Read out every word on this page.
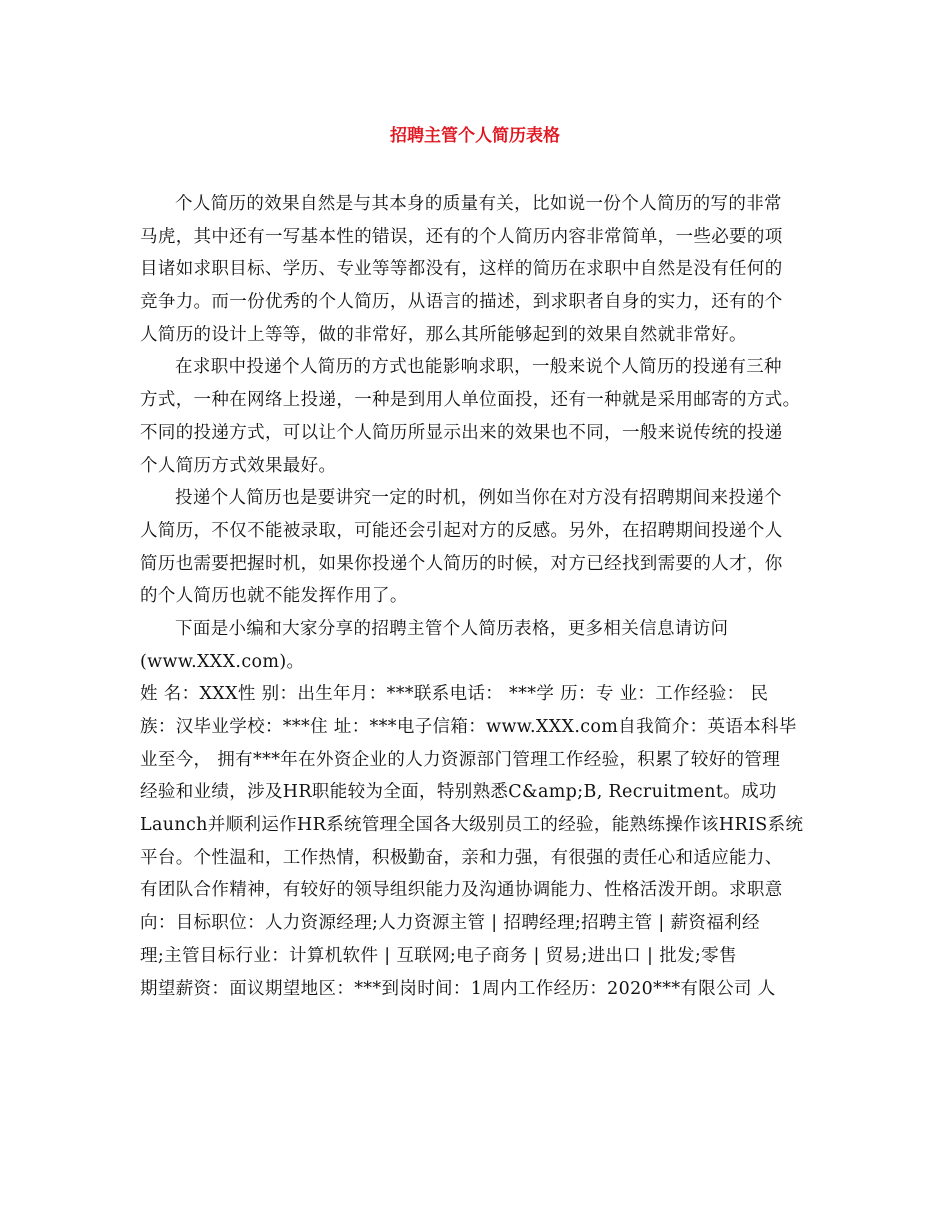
招聘主管个人简历表格
个人简历的效果自然是与其本身的质量有关，比如说一份个人简历的写的非常
马虎，其中还有一写基本性的错误，还有的个人简历内容非常简单，一些必要的项
目诸如求职目标、学历、专业等等都没有，这样的简历在求职中自然是没有任何的
竞争力。而一份优秀的个人简历，从语言的描述，到求职者自身的实力，还有的个
人简历的设计上等等，做的非常好，那么其所能够起到的效果自然就非常好。
在求职中投递个人简历的方式也能影响求职，一般来说个人简历的投递有三种
方式，一种在网络上投递，一种是到用人单位面投，还有一种就是采用邮寄的方式。
不同的投递方式，可以让个人简历所显示出来的效果也不同，一般来说传统的投递
个人简历方式效果最好。
投递个人简历也是要讲究一定的时机，例如当你在对方没有招聘期间来投递个
人简历，不仅不能被录取，可能还会引起对方的反感。另外，在招聘期间投递个人
简历也需要把握时机，如果你投递个人简历的时候，对方已经找到需要的人才，你
的个人简历也就不能发挥作用了。
下面是小编和大家分享的招聘主管个人简历表格，更多相关信息请访问
(www.XXX.com)。
姓 名：XXX性 别：出生年月：***联系电话： ***学 历：专 业：工作经验： 民
族：汉毕业学校：***住 址：***电子信箱：www.XXX.com自我简介：英语本科毕
业至今， 拥有***年在外资企业的人力资源部门管理工作经验，积累了较好的管理
经验和业绩，涉及HR职能较为全面，特别熟悉C&amp;B, Recruitment。成功
Launch并顺利运作HR系统管理全国各大级别员工的经验，能熟练操作该HRIS系统
平台。个性温和，工作热情，积极勤奋，亲和力强，有很强的责任心和适应能力、
有团队合作精神，有较好的领导组织能力及沟通协调能力、性格活泼开朗。求职意
向：目标职位：人力资源经理;人力资源主管 | 招聘经理;招聘主管 | 薪资福利经
理;主管目标行业：计算机软件 | 互联网;电子商务 | 贸易;进出口 | 批发;零售
期望薪资：面议期望地区：***到岗时间：1周内工作经历：2020***有限公司 人
